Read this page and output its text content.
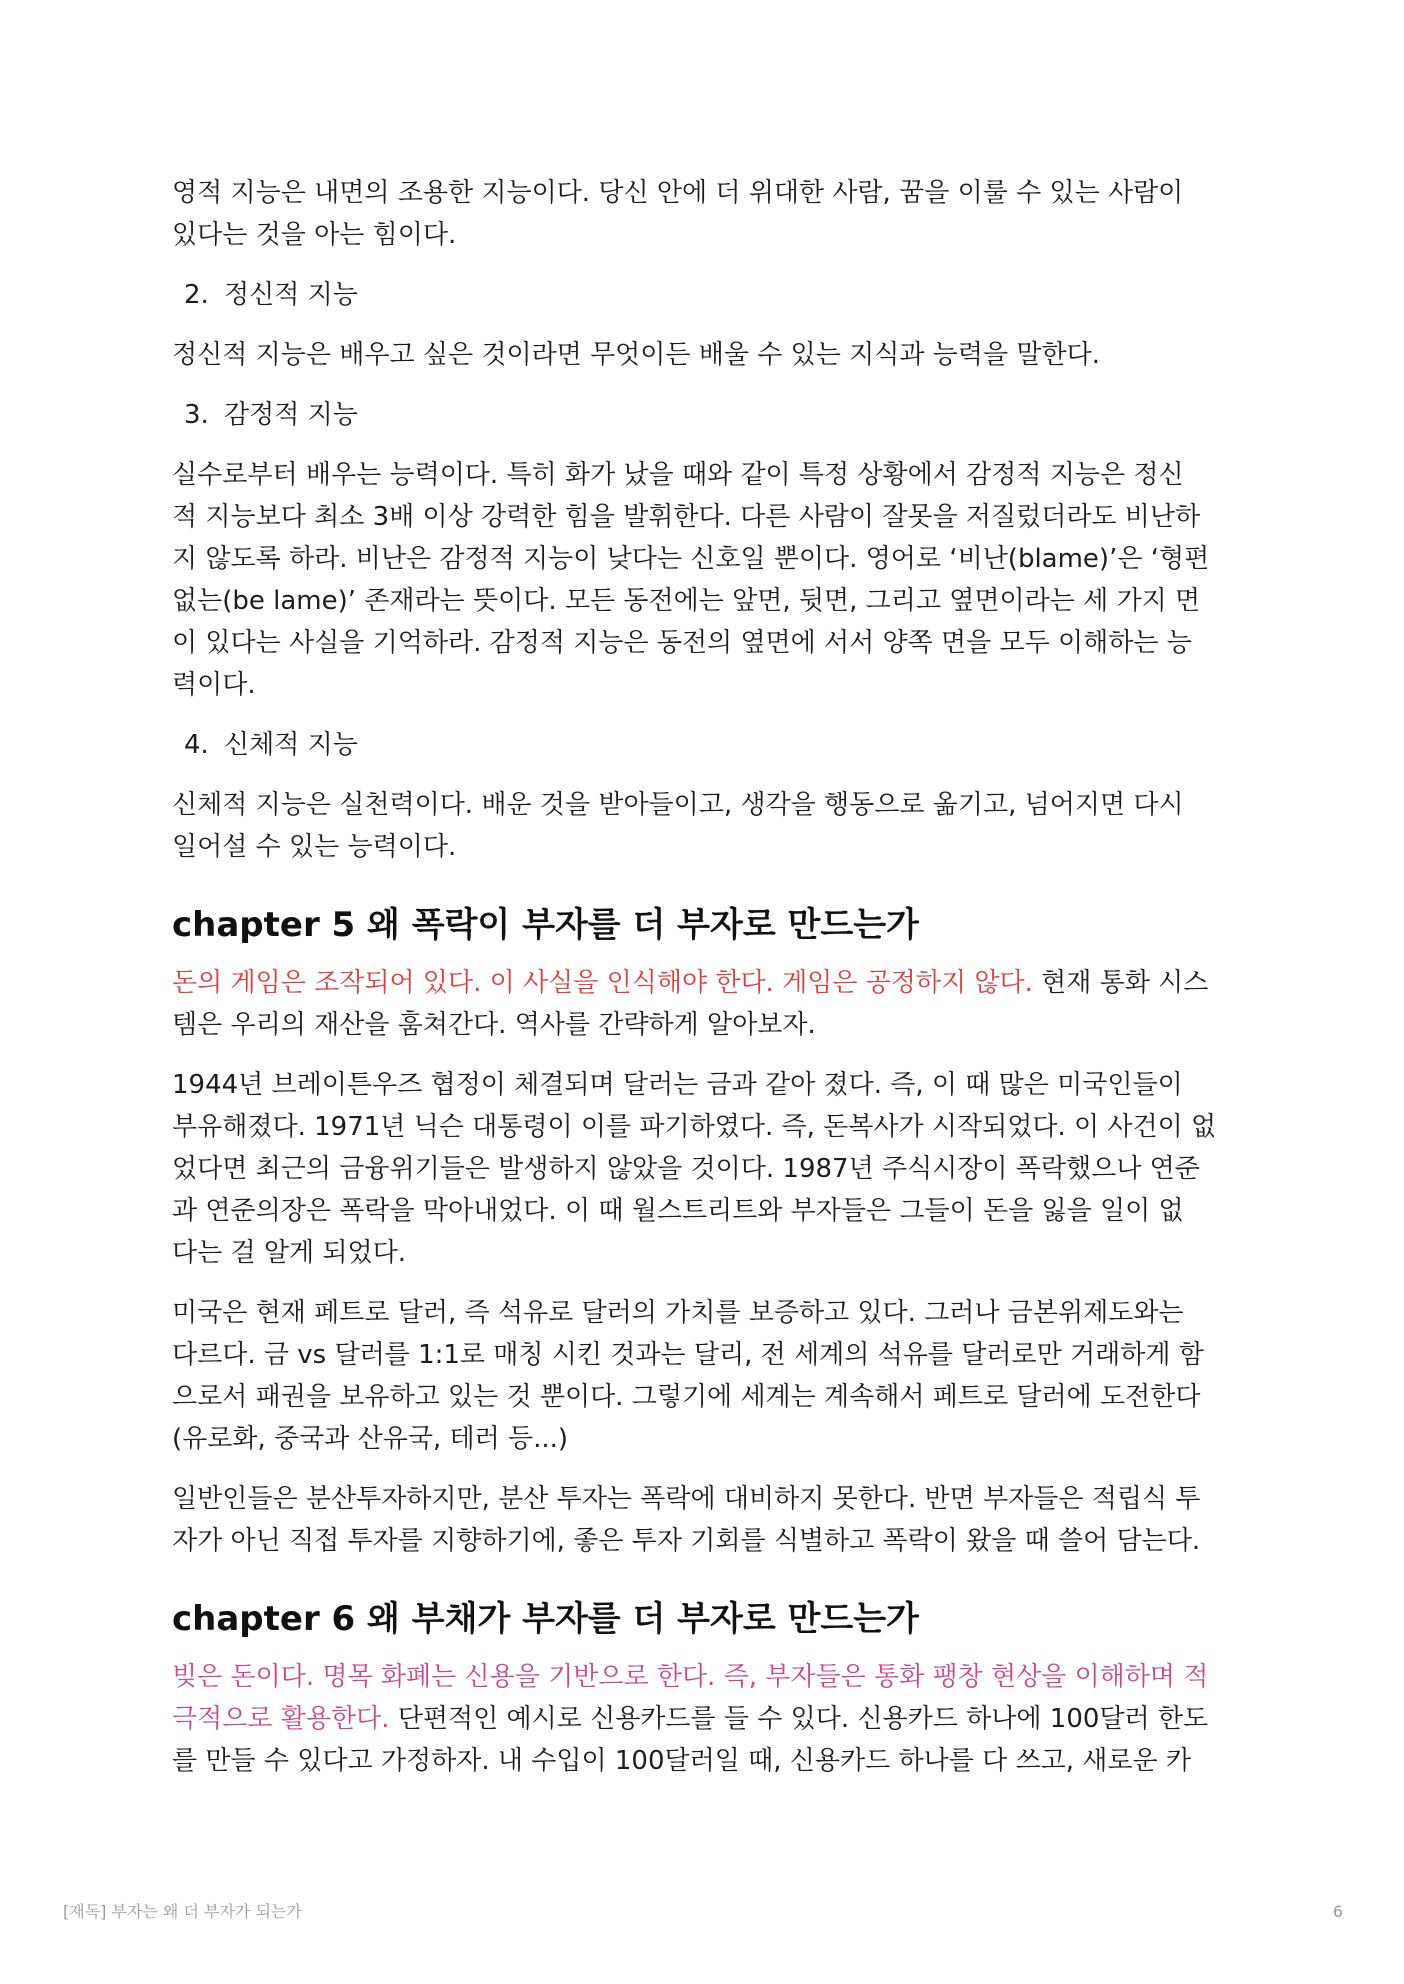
영적 지능은 내면의 조용한 지능이다. 당신 안에 더 위대한 사람, 꿈을 이룰 수 있는 사람이
있다는 것을 아는 힘이다.
2. 정신적 지능
정신적 지능은 배우고 싶은 것이라면 무엇이든 배울 수 있는 지식과 능력을 말한다.
3. 감정적 지능
실수로부터 배우는 능력이다. 특히 화가 났을 때와 같이 특정 상황에서 감정적 지능은 정신
적 지능보다 최소 3배 이상 강력한 힘을 발휘한다. 다른 사람이 잘못을 저질렀더라도 비난하
지 않도록 하라. 비난은 감정적 지능이 낮다는 신호일 뿐이다. 영어로 ‘비난(blame)’은 ‘형편
없는(be lame)’ 존재라는 뜻이다. 모든 동전에는 앞면, 뒷면, 그리고 옆면이라는 세 가지 면
이 있다는 사실을 기억하라. 감정적 지능은 동전의 옆면에 서서 양쪽 면을 모두 이해하는 능
력이다.
4. 신체적 지능
신체적 지능은 실천력이다. 배운 것을 받아들이고, 생각을 행동으로 옮기고, 넘어지면 다시
일어설 수 있는 능력이다.
chapter 5 왜 폭락이 부자를 더 부자로 만드는가
돈의 게임은 조작되어 있다. 이 사실을 인식해야 한다. 게임은 공정하지 않다. 현재 통화 시스
템은 우리의 재산을 훔쳐간다. 역사를 간략하게 알아보자.
1944년 브레이튼우즈 협정이 체결되며 달러는 금과 같아 졌다. 즉, 이 때 많은 미국인들이
부유해졌다. 1971년 닉슨 대통령이 이를 파기하였다. 즉, 돈복사가 시작되었다. 이 사건이 없
었다면 최근의 금융위기들은 발생하지 않았을 것이다. 1987년 주식시장이 폭락했으나 연준
과 연준의장은 폭락을 막아내었다. 이 때 월스트리트와 부자들은 그들이 돈을 잃을 일이 없
다는 걸 알게 되었다.
미국은 현재 페트로 달러, 즉 석유로 달러의 가치를 보증하고 있다. 그러나 금본위제도와는
다르다. 금 vs 달러를 1:1로 매칭 시킨 것과는 달리, 전 세계의 석유를 달러로만 거래하게 함
으로서 패권을 보유하고 있는 것 뿐이다. 그렇기에 세계는 계속해서 페트로 달러에 도전한다
(유로화, 중국과 산유국, 테러 등...)
일반인들은 분산투자하지만, 분산 투자는 폭락에 대비하지 못한다. 반면 부자들은 적립식 투
자가 아닌 직접 투자를 지향하기에, 좋은 투자 기회를 식별하고 폭락이 왔을 때 쓸어 담는다.
chapter 6 왜 부채가 부자를 더 부자로 만드는가
빚은 돈이다. 명목 화폐는 신용을 기반으로 한다. 즉, 부자들은 통화 팽창 현상을 이해하며 적
극적으로 활용한다. 단편적인 예시로 신용카드를 들 수 있다. 신용카드 하나에 100달러 한도
를 만들 수 있다고 가정하자. 내 수입이 100달러일 때, 신용카드 하나를 다 쓰고, 새로운 카
[재독] 부자는 왜 더 부자가 되는가	6
